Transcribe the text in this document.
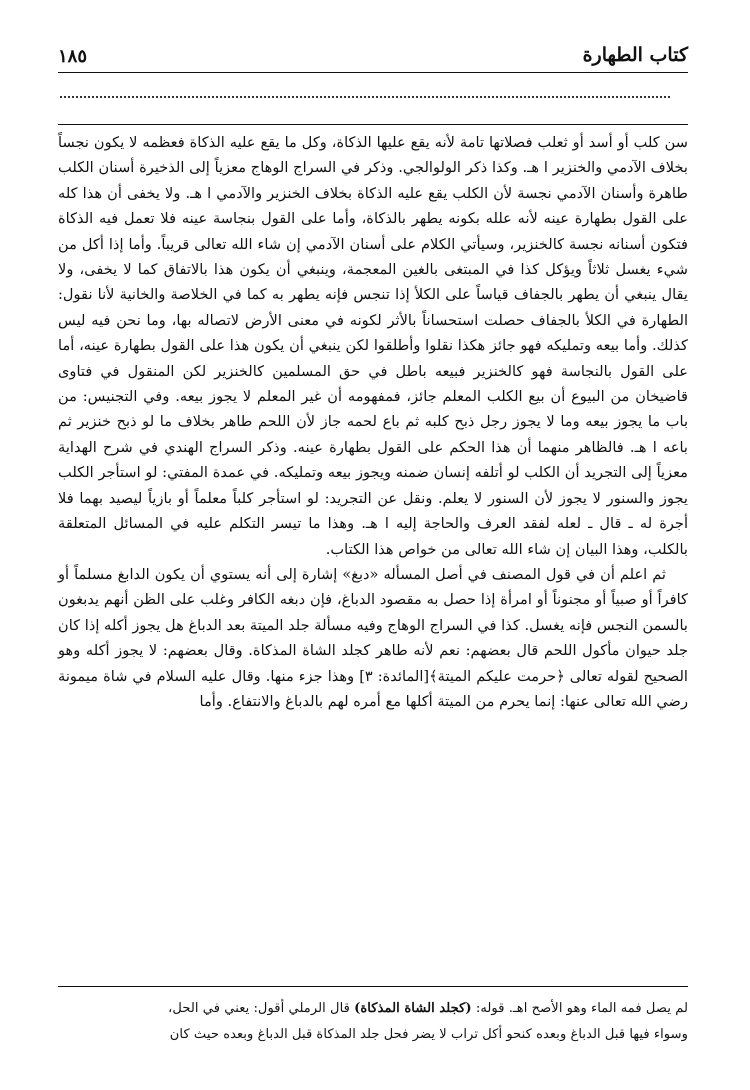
كتاب الطهارة
١٨٥

سن كلب أو أسد أو ثعلب فصلاتها تامة لأنه يقع عليها الذكاة، وكل ما يقع عليه الذكاة فعظمه لا يكون نجساً بخلاف الآدمي والخنزير ا هـ. وكذا ذكر الولوالجي. وذكر في السراج الوهاج معزياً إلى الذخيرة أسنان الكلب طاهرة وأسنان الآدمي نجسة لأن الكلب يقع عليه الذكاة بخلاف الخنزير والآدمي ا هـ. ولا يخفى أن هذا كله على القول بطهارة عينه لأنه علله بكونه يطهر بالذكاة، وأما على القول بنجاسة عينه فلا تعمل فيه الذكاة فتكون أسنانه نجسة كالخنزير، وسيأتي الكلام على أسنان الآدمي إن شاء الله تعالى قريباً. وأما إذا أكل من شيء يغسل ثلاثاً ويؤكل كذا في المبتغى بالغين المعجمة، وينبغي أن يكون هذا بالاتفاق كما لا يخفى، ولا يقال ينبغي أن يطهر بالجفاف قياساً على الكلأ إذا تنجس فإنه يطهر به كما في الخلاصة والخانية لأنا نقول: الطهارة في الكلأ بالجفاف حصلت استحساناً بالأثر لكونه في معنى الأرض لاتصاله بها، وما نحن فيه ليس كذلك. وأما بيعه وتمليكه فهو جائز هكذا نقلوا وأطلقوا لكن ينبغي أن يكون هذا على القول بطهارة عينه، أما على القول بالنجاسة فهو كالخنزير فبيعه باطل في حق المسلمين كالخنزير لكن المنقول في فتاوى قاضيخان من البيوع أن بيع الكلب المعلم جائز، فمفهومه أن غير المعلم لا يجوز بيعه. وفي التجنيس: من باب ما يجوز بيعه وما لا يجوز رجل ذبح كلبه ثم باع لحمه جاز لأن اللحم طاهر بخلاف ما لو ذبح خنزير ثم باعه ا هـ. فالظاهر منهما أن هذا الحكم على القول بطهارة عينه. وذكر السراج الهندي في شرح الهداية معزياً إلى التجريد أن الكلب لو أتلفه إنسان ضمنه ويجوز بيعه وتمليكه. في عمدة المفتي: لو استأجر الكلب يجوز والسنور لا يجوز لأن السنور لا يعلم. ونقل عن التجريد: لو استأجر كلباً معلماً أو بازياً ليصيد بهما فلا أجرة له ـ قال ـ لعله لفقد العرف والحاجة إليه ا هـ. وهذا ما تيسر التكلم عليه في المسائل المتعلقة بالكلب، وهذا البيان إن شاء الله تعالى من خواص هذا الكتاب.

ثم اعلم أن في قول المصنف في أصل المسأله «دبغ» إشارة إلى أنه يستوي أن يكون الدابغ مسلماً أو كافراً أو صبياً أو مجنوناً أو امرأة إذا حصل به مقصود الدباغ، فإن دبغه الكافر وغلب على الظن أنهم يدبغون بالسمن النجس فإنه يغسل. كذا في السراج الوهاج وفيه مسألة جلد الميتة بعد الدباغ هل يجوز أكله إذا كان جلد حيوان مأكول اللحم قال بعضهم: نعم لأنه طاهر كجلد الشاة المذكاة. وقال بعضهم: لا يجوز أكله وهو الصحيح لقوله تعالى ﴿حرمت عليكم الميتة﴾[المائدة: ٣] وهذا جزء منها. وقال عليه السلام في شاة ميمونة رضي الله تعالى عنها: إنما يحرم من الميتة أكلها مع أمره لهم بالدباغ والانتفاع. وأما

لم يصل فمه الماء وهو الأصح اهـ. قوله: (كجلد الشاة المذكاة) قال الرملي أقول: يعني في الحل،

وسواء فيها قبل الدباغ وبعده كنحو أكل تراب لا يضر فحل جلد المذكاة قبل الدباغ وبعده حيث كان
